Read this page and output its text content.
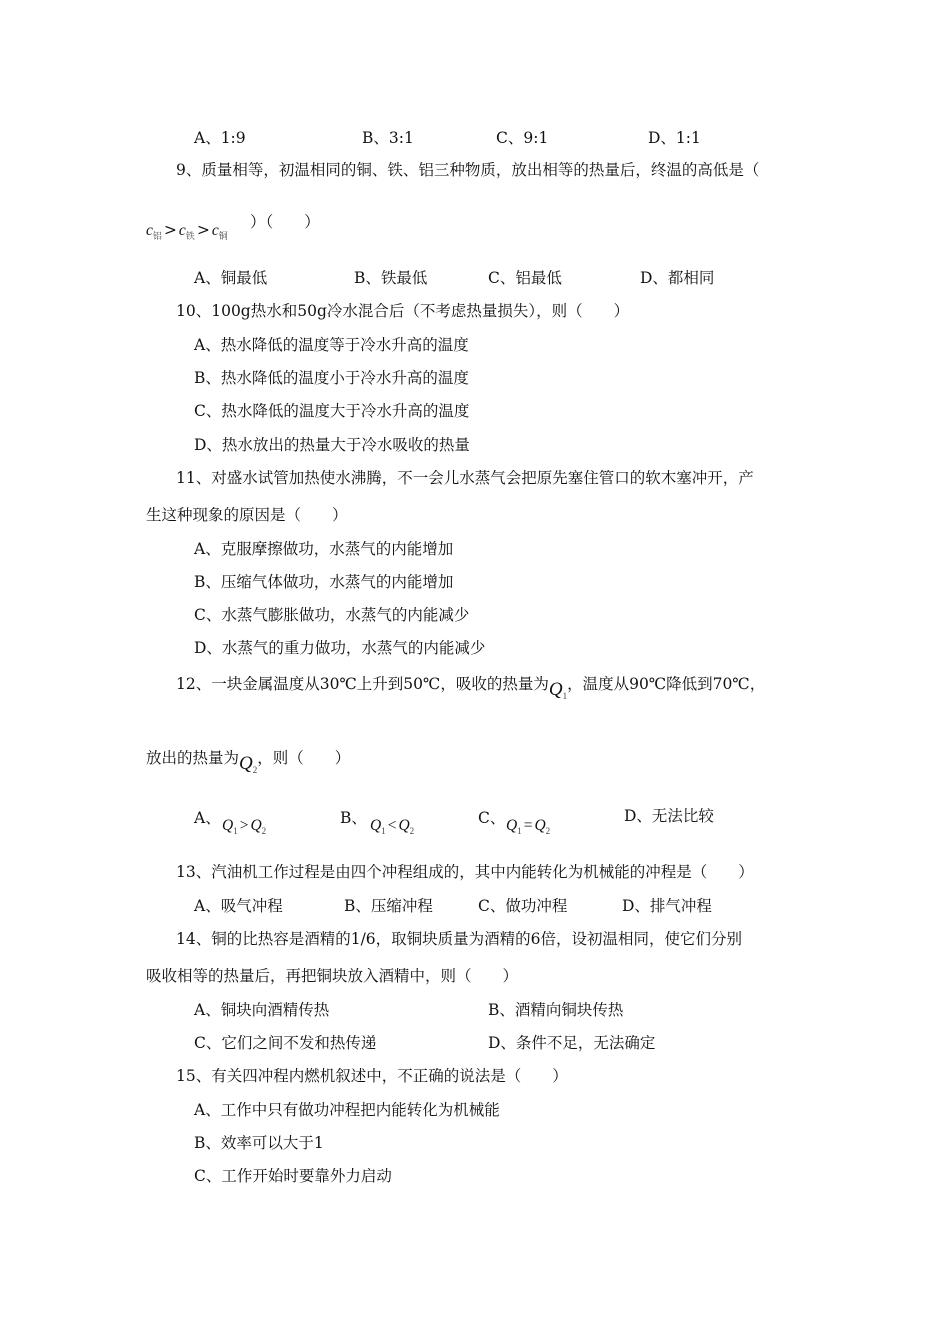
A、1:9	B、3:1	C、9:1	D、1:1
9、质量相等，初温相同的铜、铁、铝三种物质，放出相等的热量后，终温的高低是（
$c_铝 > c_铁 > c_铜$
）（　　）
A、铜最低	B、铁最低	C、铝最低	D、都相同
10、100g热水和50g冷水混合后（不考虑热量损失），则（　　）
A、热水降低的温度等于冷水升高的温度
B、热水降低的温度小于冷水升高的温度
C、热水降低的温度大于冷水升高的温度
D、热水放出的热量大于冷水吸收的热量
11、对盛水试管加热使水沸腾，不一会儿水蒸气会把原先塞住管口的软木塞冲开，产
生这种现象的原因是（　　）
A、克服摩擦做功，水蒸气的内能增加
B、压缩气体做功，水蒸气的内能增加
C、水蒸气膨胀做功，水蒸气的内能减少
D、水蒸气的重力做功，水蒸气的内能减少
12、一块金属温度从30℃上升到50℃，吸收的热量为$Q_1$，温度从90℃降低到70℃，
放出的热量为$Q_2$，则（　　）
A、 $Q_1 > Q_2$
B、 $Q_1 < Q_2$
C、 $Q_1 = Q_2$
D、无法比较
13、汽油机工作过程是由四个冲程组成的，其中内能转化为机械能的冲程是（　　）
A、吸气冲程	B、压缩冲程	C、做功冲程	D、排气冲程
14、铜的比热容是酒精的1/6，取铜块质量为酒精的6倍，设初温相同，使它们分别
吸收相等的热量后，再把铜块放入酒精中，则（　　）
A、铜块向酒精传热	B、酒精向铜块传热
C、它们之间不发和热传递	D、条件不足，无法确定
15、有关四冲程内燃机叙述中，不正确的说法是（　　）
A、工作中只有做功冲程把内能转化为机械能
B、效率可以大于1
C、工作开始时要靠外力启动
